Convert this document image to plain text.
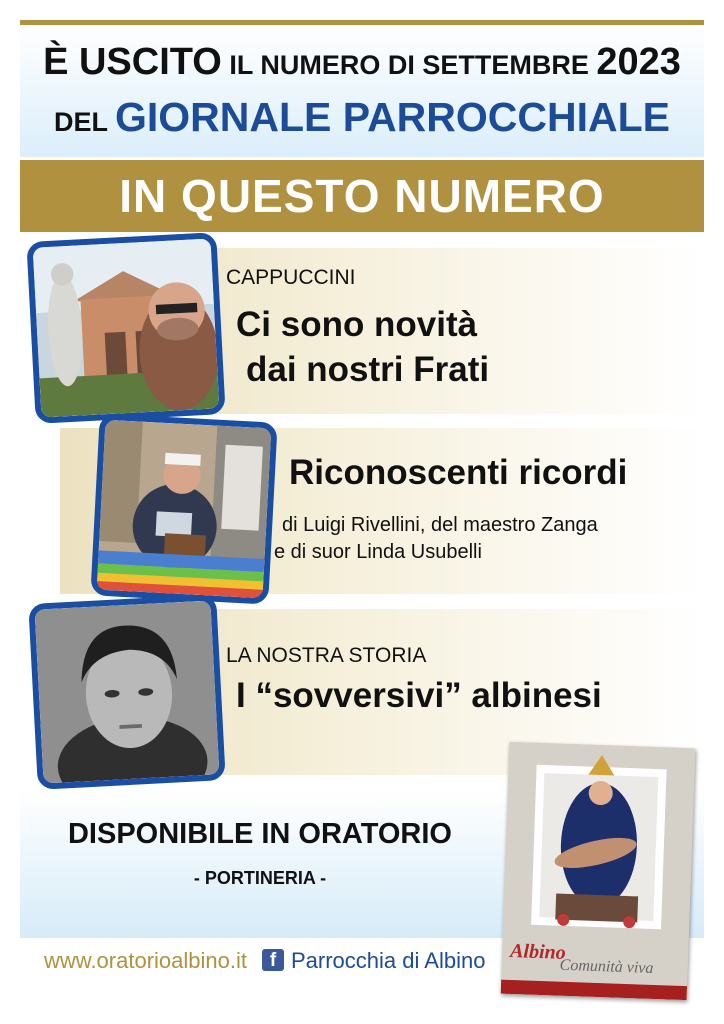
È USCITO IL NUMERO DI SETTEMBRE 2023
DEL GIORNALE PARROCCHIALE
IN QUESTO NUMERO
CAPPUCCINI
Ci sono novità
dai nostri Frati
Riconoscenti ricordi
di Luigi Rivellini, del maestro Zanga
e di suor Linda Usubelli
LA NOSTRA STORIA
I “sovversivi” albinesi
DISPONIBILE IN ORATORIO
- PORTINERIA -
www.oratorioalbino.it	f Parrocchia di Albino Albino
Comunità viva
